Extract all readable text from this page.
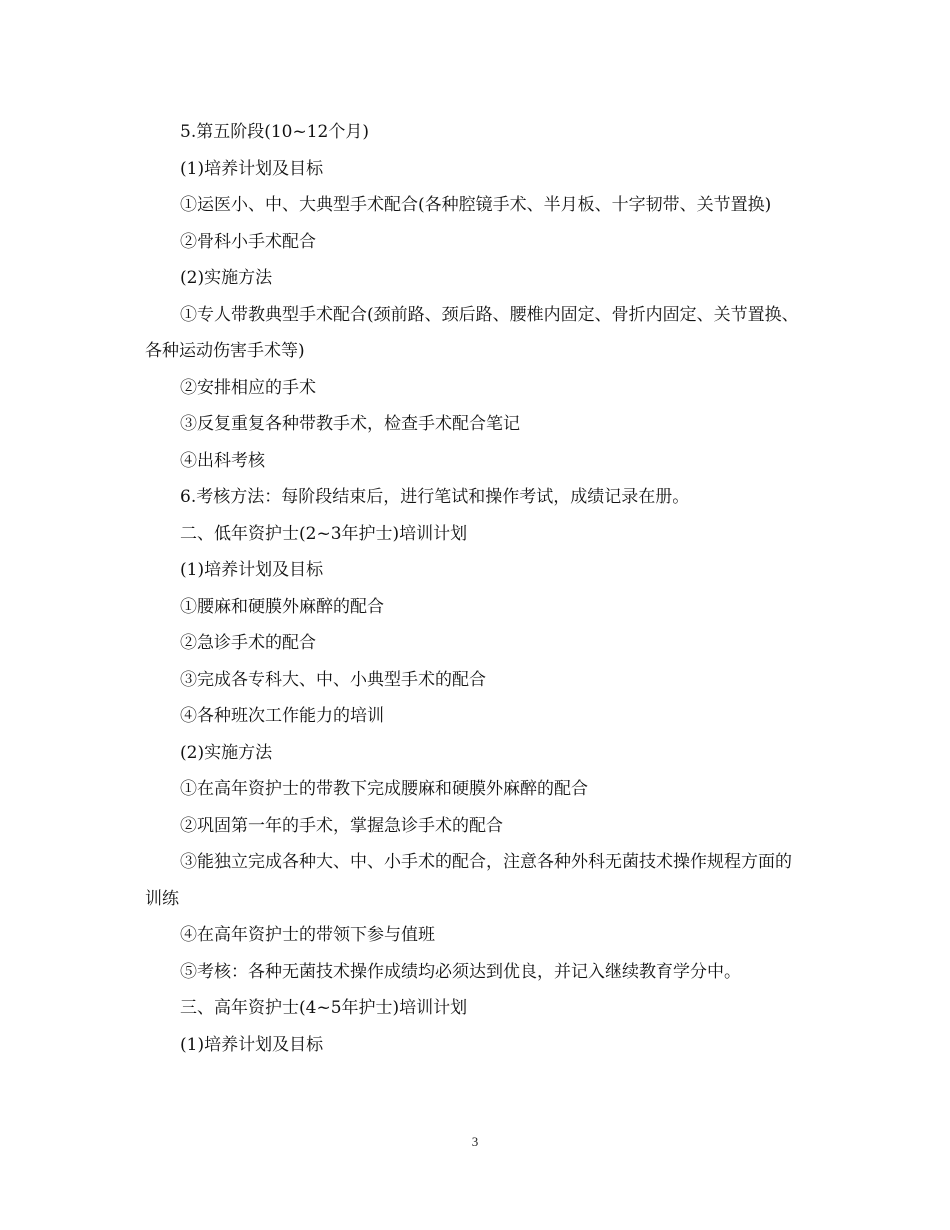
5.第五阶段(10~12个月)

(1)培养计划及目标

①运医小、中、大典型手术配合(各种腔镜手术、半月板、十字韧带、关节置换)

②骨科小手术配合

(2)实施方法

①专人带教典型手术配合(颈前路、颈后路、腰椎内固定、骨折内固定、关节置换、各种运动伤害手术等)

②安排相应的手术

③反复重复各种带教手术，检查手术配合笔记

④出科考核

6.考核方法：每阶段结束后，进行笔试和操作考试，成绩记录在册。

二、低年资护士(2~3年护士)培训计划

(1)培养计划及目标

①腰麻和硬膜外麻醉的配合

②急诊手术的配合

③完成各专科大、中、小典型手术的配合

④各种班次工作能力的培训

(2)实施方法

①在高年资护士的带教下完成腰麻和硬膜外麻醉的配合

②巩固第一年的手术，掌握急诊手术的配合

③能独立完成各种大、中、小手术的配合，注意各种外科无菌技术操作规程方面的训练

④在高年资护士的带领下参与值班

⑤考核：各种无菌技术操作成绩均必须达到优良，并记入继续教育学分中。

三、高年资护士(4~5年护士)培训计划

(1)培养计划及目标

3
